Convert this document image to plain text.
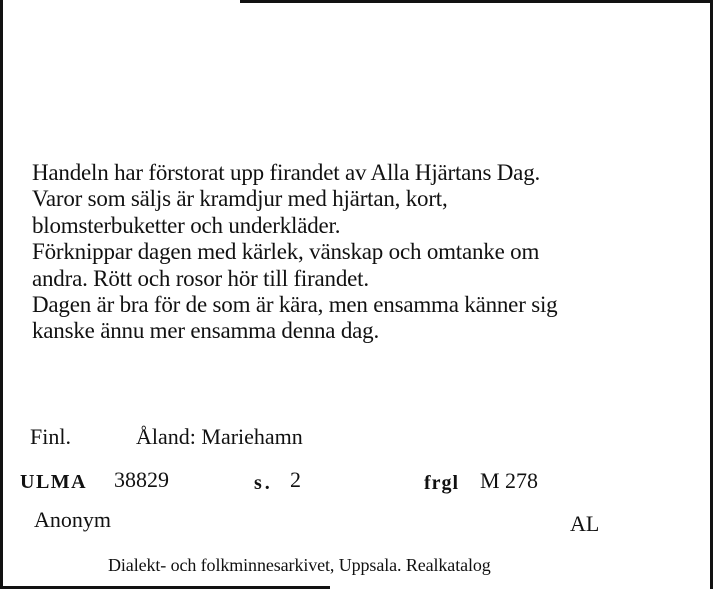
Handeln har förstorat upp firandet av Alla Hjärtans Dag.
Varor som säljs är kramdjur med hjärtan, kort,
blomsterbuketter och underkläder.
Förknippar dagen med kärlek, vänskap och omtanke om
andra. Rött och rosor hör till firandet.
Dagen är bra för de som är kära, men ensamma känner sig
kanske ännu mer ensamma denna dag.
Finl.	Åland: Mariehamn
ULMA 38829	s. 2	frgl M 278
Anonym	AL
Dialekt- och folkminnesarkivet, Uppsala. Realkatalog
